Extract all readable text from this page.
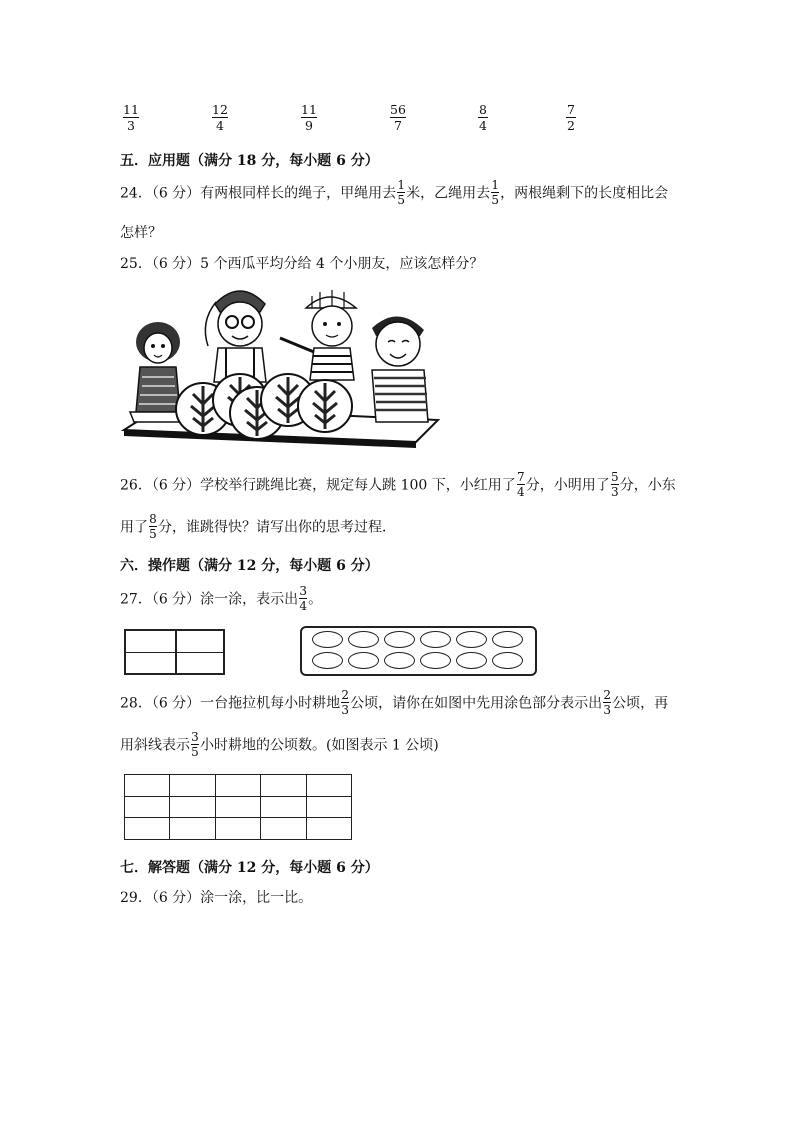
11
3
12
4
11
9
56
7
8
4
7
2
五．应用题（满分 18 分，每小题 6 分）
24．（6 分）有两根同样长的绳子，甲绳用去 $\frac{1}{5}$ 米，乙绳用去 $\frac{1}{5}$ ，两根绳剩下的长度相比会
怎样？
25．（6 分）5 个西瓜平均分给 4 个小朋友，应该怎样分？
26．（6 分）学校举行跳绳比赛，规定每人跳 100 下，小红用了 $\frac{7}{4}$ 分，小明用了 $\frac{5}{3}$ 分，小东
用了 $\frac{8}{5}$ 分，谁跳得快？请写出你的思考过程．
六．操作题（满分 12 分，每小题 6 分）
27．（6 分）涂一涂，表示出 $\frac{3}{4}$ 。
28．（6 分）一台拖拉机每小时耕地 $\frac{2}{3}$ 公顷，请你在如图中先用涂色部分表示出 $\frac{2}{3}$ 公顷，再
用斜线表示 $\frac{3}{5}$ 小时耕地的公顷数。(如图表示 1 公顷)

七．解答题（满分 12 分，每小题 6 分）
29．（6 分）涂一涂，比一比。
